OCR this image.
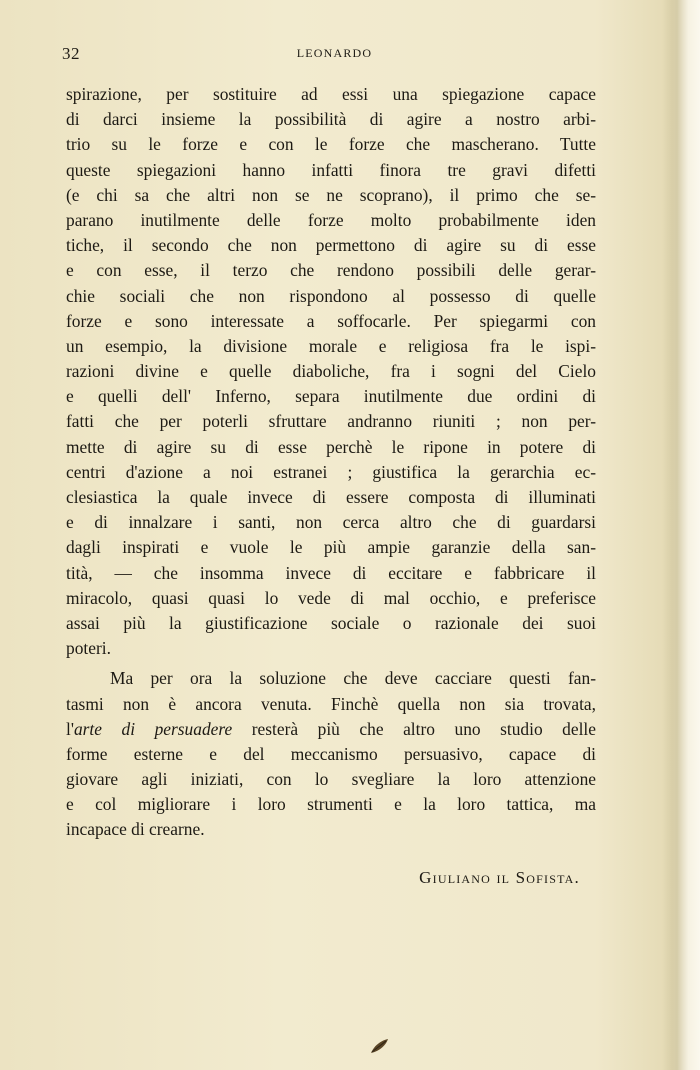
32	LEONARDO
spirazione, per sostituire ad essi una spiegazione capace
di darci insieme la possibilità di agire a nostro arbi-
trio su le forze e con le forze che mascherano. Tutte
queste spiegazioni hanno infatti finora tre gravi difetti
(e chi sa che altri non se ne scoprano), il primo che se-
parano inutilmente delle forze molto probabilmente iden
tiche, il secondo che non permettono di agire su di esse
e con esse, il terzo che rendono possibili delle gerar-
chie sociali che non rispondono al possesso di quelle
forze e sono interessate a soffocarle. Per spiegarmi con
un esempio, la divisione morale e religiosa fra le ispi-
razioni divine e quelle diaboliche, fra i sogni del Cielo
e quelli dell' Inferno, separa inutilmente due ordini di
fatti che per poterli sfruttare andranno riuniti ; non per-
mette di agire su di esse perchè le ripone in potere di
centri d'azione a noi estranei ; giustifica la gerarchia ec-
clesiastica la quale invece di essere composta di illuminati
e di innalzare i santi, non cerca altro che di guardarsi
dagli inspirati e vuole le più ampie garanzie della san-
tità, — che insomma invece di eccitare e fabbricare il
miracolo, quasi quasi lo vede di mal occhio, e preferisce
assai più la giustificazione sociale o razionale dei suoi
poteri.
Ma per ora la soluzione che deve cacciare questi fan-
tasmi non è ancora venuta. Finchè quella non sia trovata,
l'arte di persuadere resterà più che altro uno studio delle
forme esterne e del meccanismo persuasivo, capace di
giovare agli iniziati, con lo svegliare la loro attenzione
e col migliorare i loro strumenti e la loro tattica, ma
incapace di crearne.
Giuliano il Sofista.
